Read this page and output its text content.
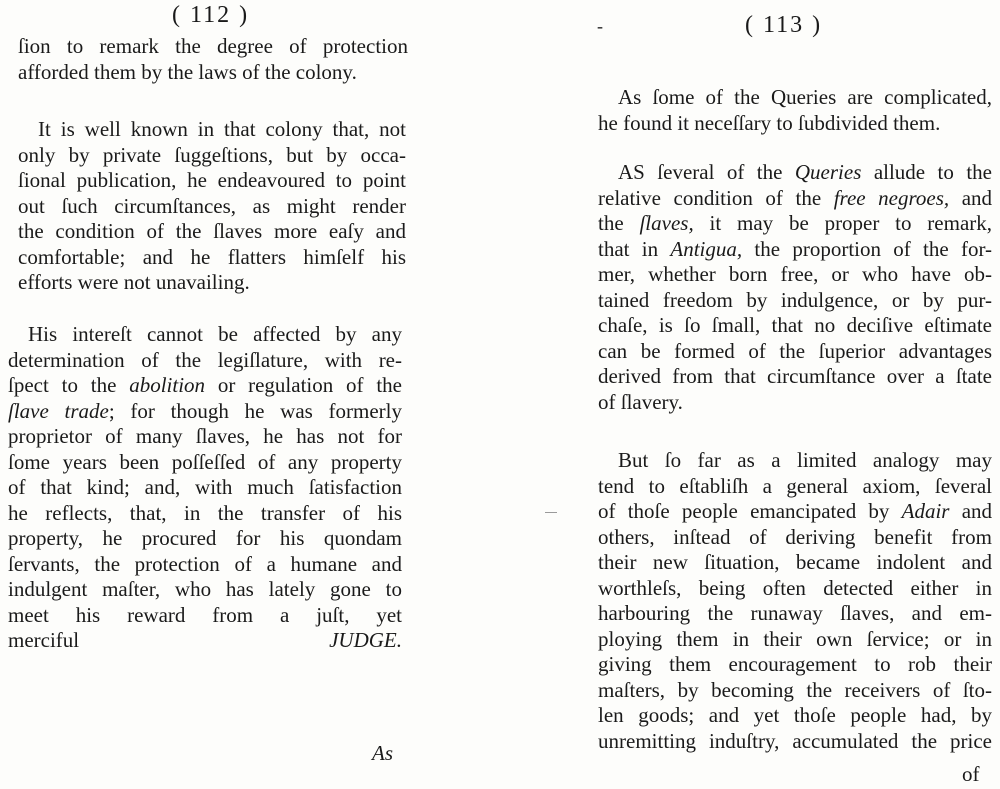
( 112 )
ſion to remark the degree of protection
afforded them by the laws of the colony.
It is well known in that colony that, not
only by private ſuggeſtions, but by occa-
ſional publication, he endeavoured to point
out ſuch circumſtances, as might render
the condition of the ſlaves more eaſy and
comfortable; and he flatters himſelf his
efforts were not unavailing.
His intereſt cannot be affected by any
determination of the legiſlature, with re-
ſpect to the abolition or regulation of the
ſlave trade; for though he was formerly
proprietor of many ſlaves, he has not for
ſome years been poſſeſſed of any property
of that kind; and, with much ſatisfaction
he reflects, that, in the transfer of his
property, he procured for his quondam
ſervants, the protection of a humane and
indulgent maſter, who has lately gone to
meet his reward from a juſt, yet
merciful	JUDGE.
As
-	( 113 )
As ſome of the Queries are complicated,
he found it neceſſary to ſubdivided them.
AS ſeveral of the Queries allude to the
relative condition of the free negroes, and
the ſlaves, it may be proper to remark,
that in Antigua, the proportion of the for-
mer, whether born free, or who have ob-
tained freedom by indulgence, or by pur-
chaſe, is ſo ſmall, that no deciſive eſtimate
can be formed of the ſuperior advantages
derived from that circumſtance over a ſtate
of ſlavery.
But ſo far as a limited analogy may
tend to eſtabliſh a general axiom, ſeveral
of thoſe people emancipated by Adair and
others, inſtead of deriving benefit from
their new ſituation, became indolent and
worthleſs, being often detected either in
harbouring the runaway ſlaves, and em-
ploying them in their own ſervice; or in
giving them encouragement to rob their
maſters, by becoming the receivers of ſto-
len goods; and yet thoſe people had, by
unremitting induſtry, accumulated the price
of
